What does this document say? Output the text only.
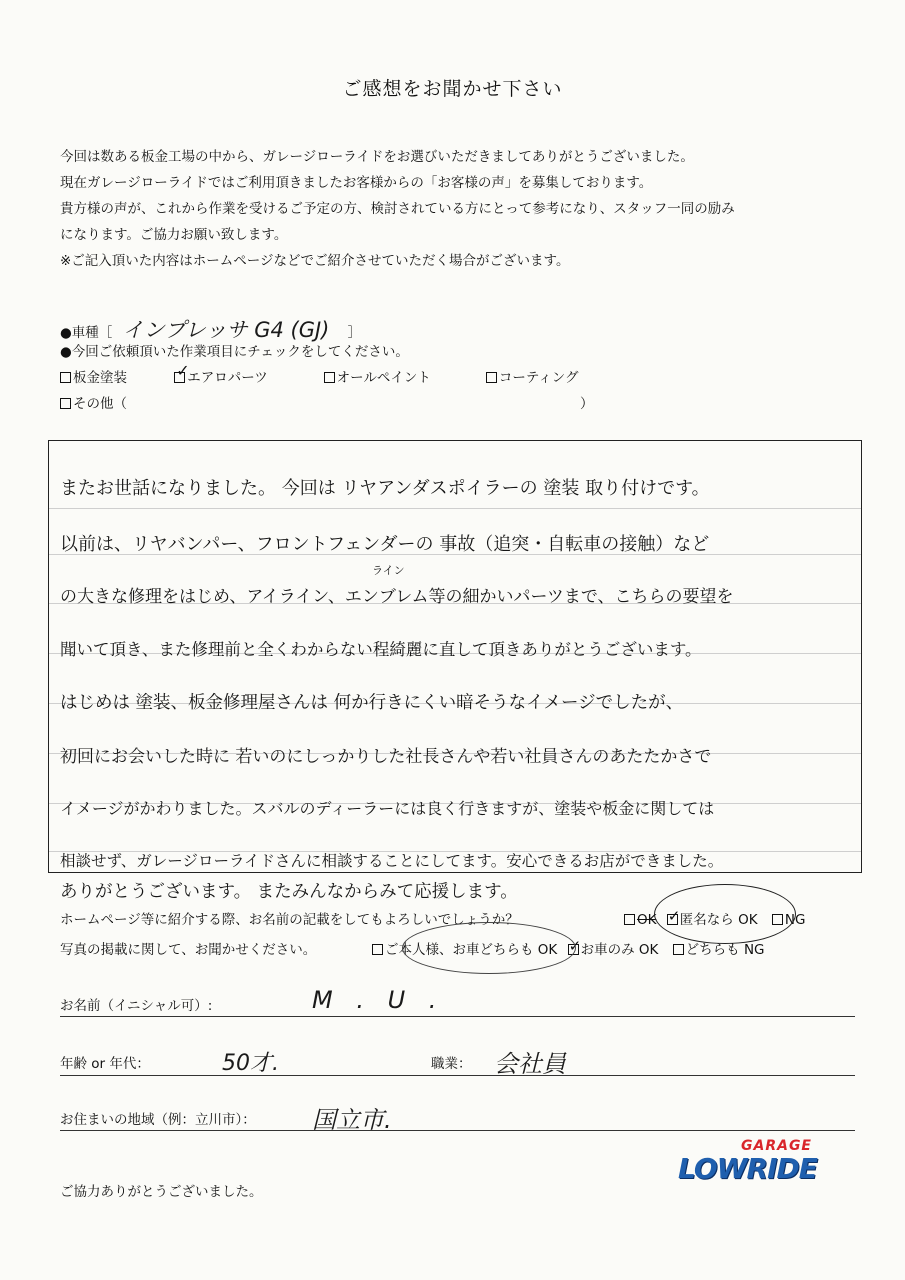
ご感想をお聞かせ下さい
今回は数ある板金工場の中から、ガレージローライドをお選びいただきましてありがとうございました。
現在ガレージローライドではご利用頂きましたお客様からの「お客様の声」を募集しております。
貴方様の声が、これから作業を受けるご予定の方、検討されている方にとって参考になり、スタッフ一同の励み
になります。ご協力お願い致します。
※ご記入頂いた内容はホームページなどでご紹介させていただく場合がございます。
●車種［ インプレッサ G4 (GJ) ］
●今回ご依頼頂いた作業項目にチェックをしてください。
板金塗装	エアロパーツ
✓	オールペイント	コーティング
その他（	）
またお世話になりました。 今回は リヤアンダスポイラーの 塗装 取り付けです。
以前は、リヤバンパー、フロントフェンダーの 事故（追突・自転車の接触）など
ライン
の大きな修理をはじめ、アイライン、エンブレム等の細かいパーツまで、こちらの要望を
聞いて頂き、また修理前と全くわからない程綺麗に直して頂きありがとうございます。
はじめは 塗装、板金修理屋さんは 何か行きにくい暗そうなイメージでしたが、
初回にお会いした時に 若いのにしっかりした社長さんや若い社員さんのあたたかさで
イメージがかわりました。スバルのディーラーには良く行きますが、塗装や板金に関しては
相談せず、ガレージローライドさんに相談することにしてます。安心できるお店ができました。
ありがとうございます。 またみんなからみて応援します。
ホームページ等に紹介する際、お名前の記載をしてもよろしいでしょうか？	OK 匿名なら OK
✓	NG
写真の掲載に関して、お聞かせください。	ご本人様、お車どちらも OK お車のみ OK
✓	どちらも NG
お名前（イニシャル可）:	M . U .
年齢 or 年代：	50才.	職業： 会社員
お住まいの地域（例：立川市）： 国立市.
ご協力ありがとうございました。
GARAGE
LOWRIDE
